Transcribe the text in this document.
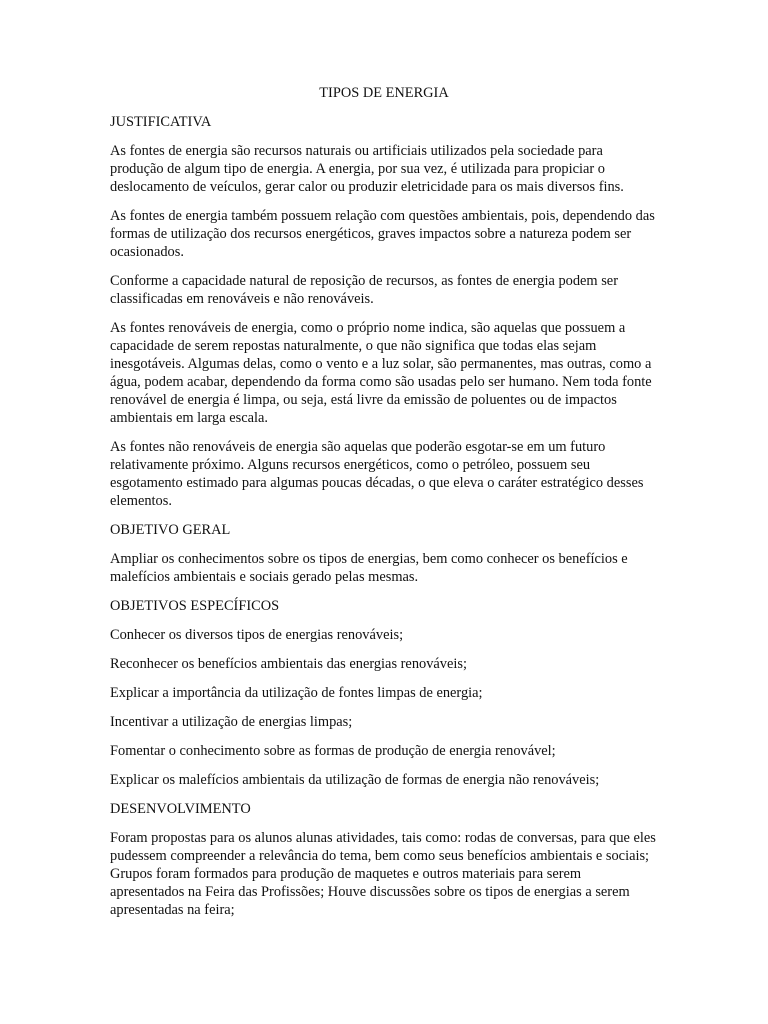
TIPOS DE ENERGIA
JUSTIFICATIVA

As fontes de energia são recursos naturais ou artificiais utilizados pela sociedade para produção de algum tipo de energia. A energia, por sua vez, é utilizada para propiciar o deslocamento de veículos, gerar calor ou produzir eletricidade para os mais diversos fins.

As fontes de energia também possuem relação com questões ambientais, pois, dependendo das formas de utilização dos recursos energéticos, graves impactos sobre a natureza podem ser ocasionados.

Conforme a capacidade natural de reposição de recursos, as fontes de energia podem ser classificadas em renováveis e não renováveis.

As fontes renováveis de energia, como o próprio nome indica, são aquelas que possuem a capacidade de serem repostas naturalmente, o que não significa que todas elas sejam inesgotáveis. Algumas delas, como o vento e a luz solar, são permanentes, mas outras, como a água, podem acabar, dependendo da forma como são usadas pelo ser humano. Nem toda fonte renovável de energia é limpa, ou seja, está livre da emissão de poluentes ou de impactos ambientais em larga escala.

As fontes não renováveis de energia são aquelas que poderão esgotar-se em um futuro relativamente próximo. Alguns recursos energéticos, como o petróleo, possuem seu esgotamento estimado para algumas poucas décadas, o que eleva o caráter estratégico desses elementos.

OBJETIVO GERAL

Ampliar os conhecimentos sobre os tipos de energias, bem como conhecer os benefícios e malefícios ambientais e sociais gerado pelas mesmas.

OBJETIVOS ESPECÍFICOS
Conhecer os diversos tipos de energias renováveis;
Reconhecer os benefícios ambientais das energias renováveis;
Explicar a importância da utilização de fontes limpas de energia;
Incentivar a utilização de energias limpas;
Fomentar o conhecimento sobre as formas de produção de energia renovável;
Explicar os malefícios ambientais da utilização de formas de energia não renováveis;
DESENVOLVIMENTO

Foram propostas para os alunos alunas atividades, tais como: rodas de conversas, para que eles pudessem compreender a relevância do tema, bem como seus benefícios ambientais e sociais; Grupos foram formados para produção de maquetes e outros materiais para serem apresentados na Feira das Profissões; Houve discussões sobre os tipos de energias a serem apresentadas na feira;
